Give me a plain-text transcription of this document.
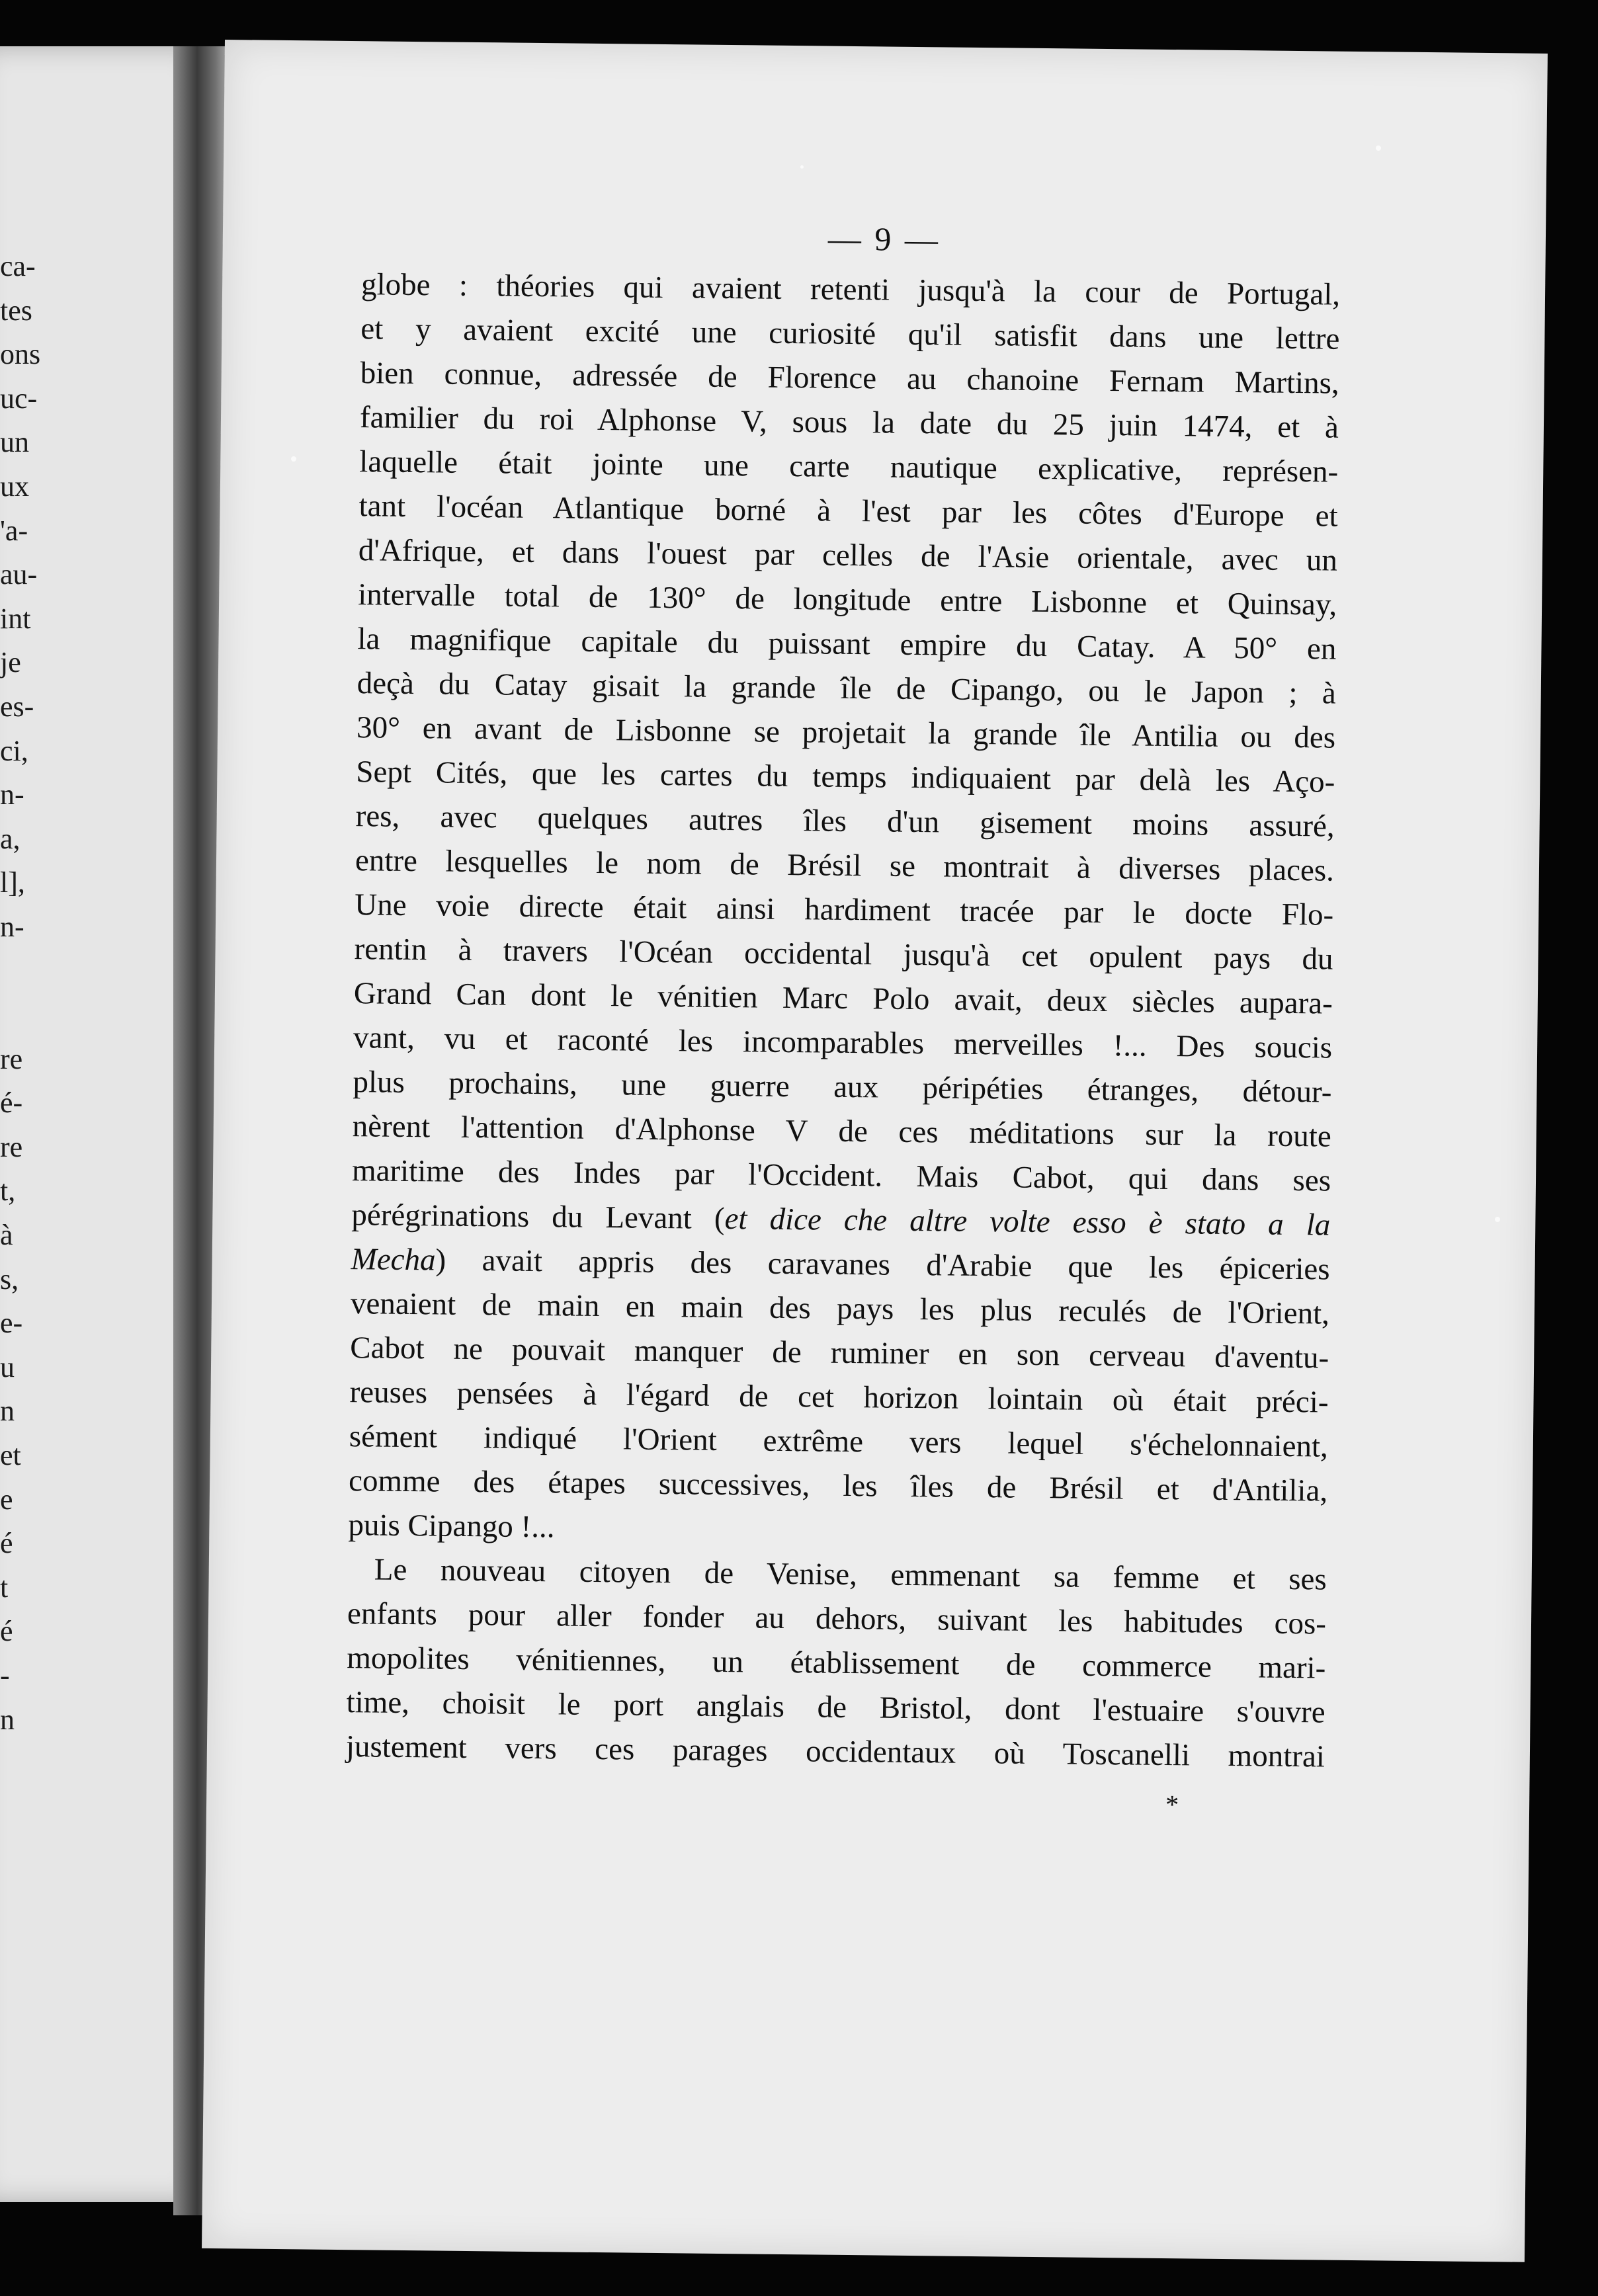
ca-
tes
ons
uc-
un
ux
'a-
au-
int
je
es-
ci,
n-
a,
l],
n-
re
é-
re
t,
à
s,
e-
u
n
et
e
é
t
é
-
n
— 9 —
globe : théories qui avaient retenti jusqu'à la cour de Portugal,
et y avaient excité une curiosité qu'il satisfit dans une lettre
bien connue, adressée de Florence au chanoine Fernam Martins,
familier du roi Alphonse V, sous la date du 25 juin 1474, et à
laquelle était jointe une carte nautique explicative, représen-
tant l'océan Atlantique borné à l'est par les côtes d'Europe et
d'Afrique, et dans l'ouest par celles de l'Asie orientale, avec un
intervalle total de 130° de longitude entre Lisbonne et Quinsay,
la magnifique capitale du puissant empire du Catay. A 50° en
deçà du Catay gisait la grande île de Cipango, ou le Japon ; à
30° en avant de Lisbonne se projetait la grande île Antilia ou des
Sept Cités, que les cartes du temps indiquaient par delà les Aço-
res, avec quelques autres îles d'un gisement moins assuré,
entre lesquelles le nom de Brésil se montrait à diverses places.
Une voie directe était ainsi hardiment tracée par le docte Flo-
rentin à travers l'Océan occidental jusqu'à cet opulent pays du
Grand Can dont le vénitien Marc Polo avait, deux siècles aupara-
vant, vu et raconté les incomparables merveilles !... Des soucis
plus prochains, une guerre aux péripéties étranges, détour-
nèrent l'attention d'Alphonse V de ces méditations sur la route
maritime des Indes par l'Occident. Mais Cabot, qui dans ses
pérégrinations du Levant (et dice che altre volte esso è stato a la
Mecha) avait appris des caravanes d'Arabie que les épiceries
venaient de main en main des pays les plus reculés de l'Orient,
Cabot ne pouvait manquer de ruminer en son cerveau d'aventu-
reuses pensées à l'égard de cet horizon lointain où était préci-
sément indiqué l'Orient extrême vers lequel s'échelonnaient,
comme des étapes successives, les îles de Brésil et d'Antilia,
puis Cipango !...
Le nouveau citoyen de Venise, emmenant sa femme et ses
enfants pour aller fonder au dehors, suivant les habitudes cos-
mopolites vénitiennes, un établissement de commerce mari-
time, choisit le port anglais de Bristol, dont l'estuaire s'ouvre
justement vers ces parages occidentaux où Toscanelli montrai
*
